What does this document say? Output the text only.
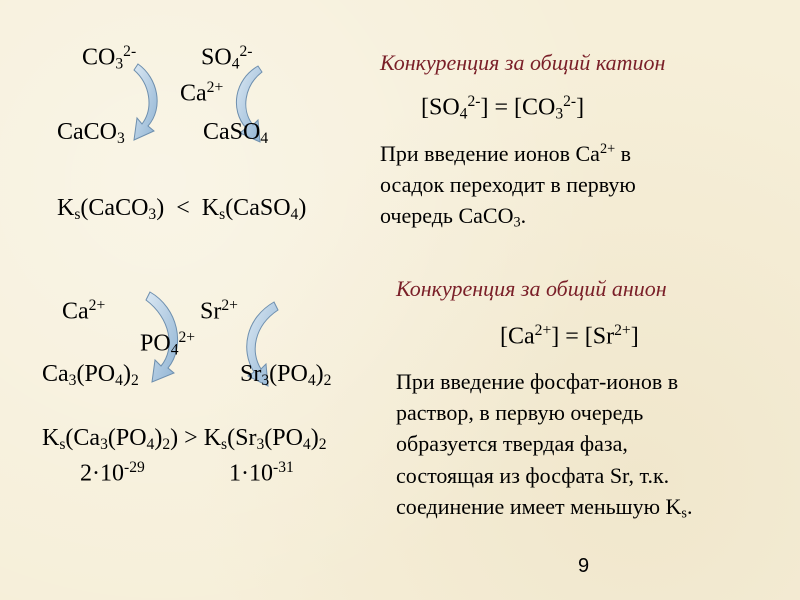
$CO_3^{2-}$	$SO_4^{2-}$
$Ca^{2+}$
CaCO$_3$	CaSO$_4$
$K_s(CaCO_3)$ < $K_s(CaSO_4)$
Конкуренция за общий катион
$[SO_4^{2-}] = [CO_3^{2-}]$
При введение ионов $Ca^{2+}$ в
осадок переходит в первую
очередь CaCO$_3$.
$Ca^{2+}$	$Sr^{2+}$
$PO_4^{2+}$
$Ca_3(PO_4)_2$	$Sr_3(PO_4)_2$
$K_s(Ca_3(PO_4)_2) > K_s(Sr_3(PO_4)_2$
$2\cdot 10^{-29}$	$1\cdot 10^{-31}$
Конкуренция за общий анион
$[Ca^{2+}] = [Sr^{2+}]$
При введение фосфат-ионов в
раствор, в первую очередь
образуется твердая фаза,
состоящая из фосфата Sr, т.к.
соединение имеет меньшую $K_s$.
9
